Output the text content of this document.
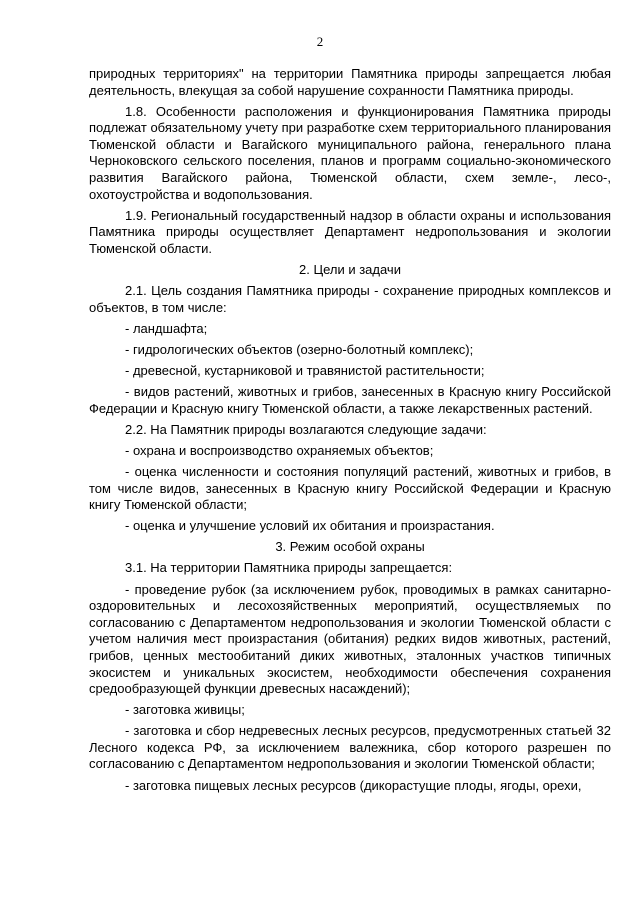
2

природных территориях" на территории Памятника природы запрещается любая деятельность, влекущая за собой нарушение сохранности Памятника природы.

1.8. Особенности расположения и функционирования Памятника природы подлежат обязательному учету при разработке схем территориального планирования Тюменской области и Вагайского муниципального района, генерального плана Черноковского сельского поселения, планов и программ социально-экономического развития Вагайского района, Тюменской области, схем земле-, лесо-, охотоустройства и водопользования.

1.9. Региональный государственный надзор в области охраны и использования Памятника природы осуществляет Департамент недропользования и экологии Тюменской области.

2. Цели и задачи

2.1. Цель создания Памятника природы - сохранение природных комплексов и объектов, в том числе:

- ландшафта;

- гидрологических объектов (озерно-болотный комплекс);

- древесной, кустарниковой и травянистой растительности;

- видов растений, животных и грибов, занесенных в Красную книгу Российской Федерации и Красную книгу Тюменской области, а также лекарственных растений.

2.2. На Памятник природы возлагаются следующие задачи:

- охрана и воспроизводство охраняемых объектов;

- оценка численности и состояния популяций растений, животных и грибов, в том числе видов, занесенных в Красную книгу Российской Федерации и Красную книгу Тюменской области;

- оценка и улучшение условий их обитания и произрастания.

3. Режим особой охраны

3.1. На территории Памятника природы запрещается:

- проведение рубок (за исключением рубок, проводимых в рамках санитарно-оздоровительных и лесохозяйственных мероприятий, осуществляемых по согласованию с Департаментом недропользования и экологии Тюменской области с учетом наличия мест произрастания (обитания) редких видов животных, растений, грибов, ценных местообитаний диких животных, эталонных участков типичных экосистем и уникальных экосистем, необходимости обеспечения сохранения средообразующей функции древесных насаждений);

- заготовка живицы;

- заготовка и сбор недревесных лесных ресурсов, предусмотренных статьей 32 Лесного кодекса РФ, за исключением валежника, сбор которого разрешен по согласованию с Департаментом недропользования и экологии Тюменской области;

- заготовка пищевых лесных ресурсов (дикорастущие плоды, ягоды, орехи,
